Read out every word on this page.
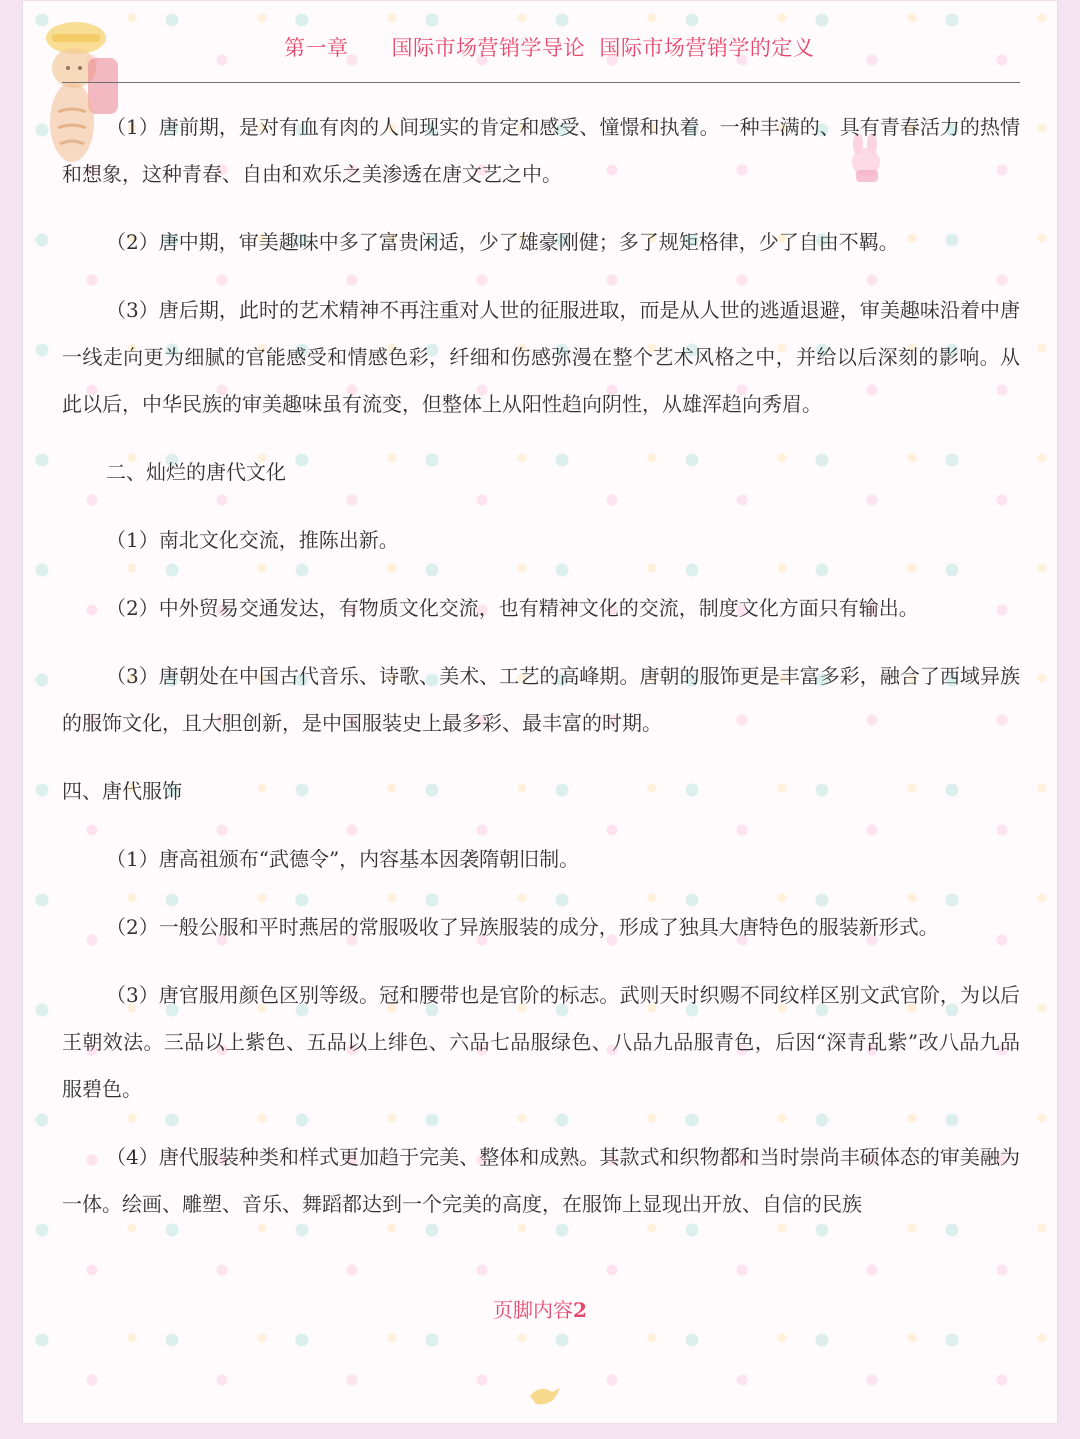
第一章      国际市场营销学导论  国际市场营销学的定义

（1）唐前期，是对有血有肉的人间现实的肯定和感受、憧憬和执着。一种丰满的、具有青春活力的热情和想象，这种青春、自由和欢乐之美渗透在唐文艺之中。

（2）唐中期，审美趣味中多了富贵闲适，少了雄豪刚健；多了规矩格律，少了自由不羁。

（3）唐后期，此时的艺术精神不再注重对人世的征服进取，而是从人世的逃遁退避，审美趣味沿着中唐一线走向更为细腻的官能感受和情感色彩，纤细和伤感弥漫在整个艺术风格之中，并给以后深刻的影响。从此以后，中华民族的审美趣味虽有流变，但整体上从阳性趋向阴性，从雄浑趋向秀眉。

二、灿烂的唐代文化

（1）南北文化交流，推陈出新。

（2）中外贸易交通发达，有物质文化交流，也有精神文化的交流，制度文化方面只有输出。

（3）唐朝处在中国古代音乐、诗歌、美术、工艺的高峰期。唐朝的服饰更是丰富多彩，融合了西域异族的服饰文化，且大胆创新，是中国服装史上最多彩、最丰富的时期。

四、唐代服饰

（1）唐高祖颁布“武德令”，内容基本因袭隋朝旧制。

（2）一般公服和平时燕居的常服吸收了异族服装的成分，形成了独具大唐特色的服装新形式。

（3）唐官服用颜色区别等级。冠和腰带也是官阶的标志。武则天时织赐不同纹样区别文武官阶，为以后王朝效法。三品以上紫色、五品以上绯色、六品七品服绿色、八品九品服青色，后因“深青乱紫”改八品九品服碧色。

（4）唐代服装种类和样式更加趋于完美、整体和成熟。其款式和织物都和当时崇尚丰硕体态的审美融为一体。绘画、雕塑、音乐、舞蹈都达到一个完美的高度，在服饰上显现出开放、自信的民族

页脚内容2
